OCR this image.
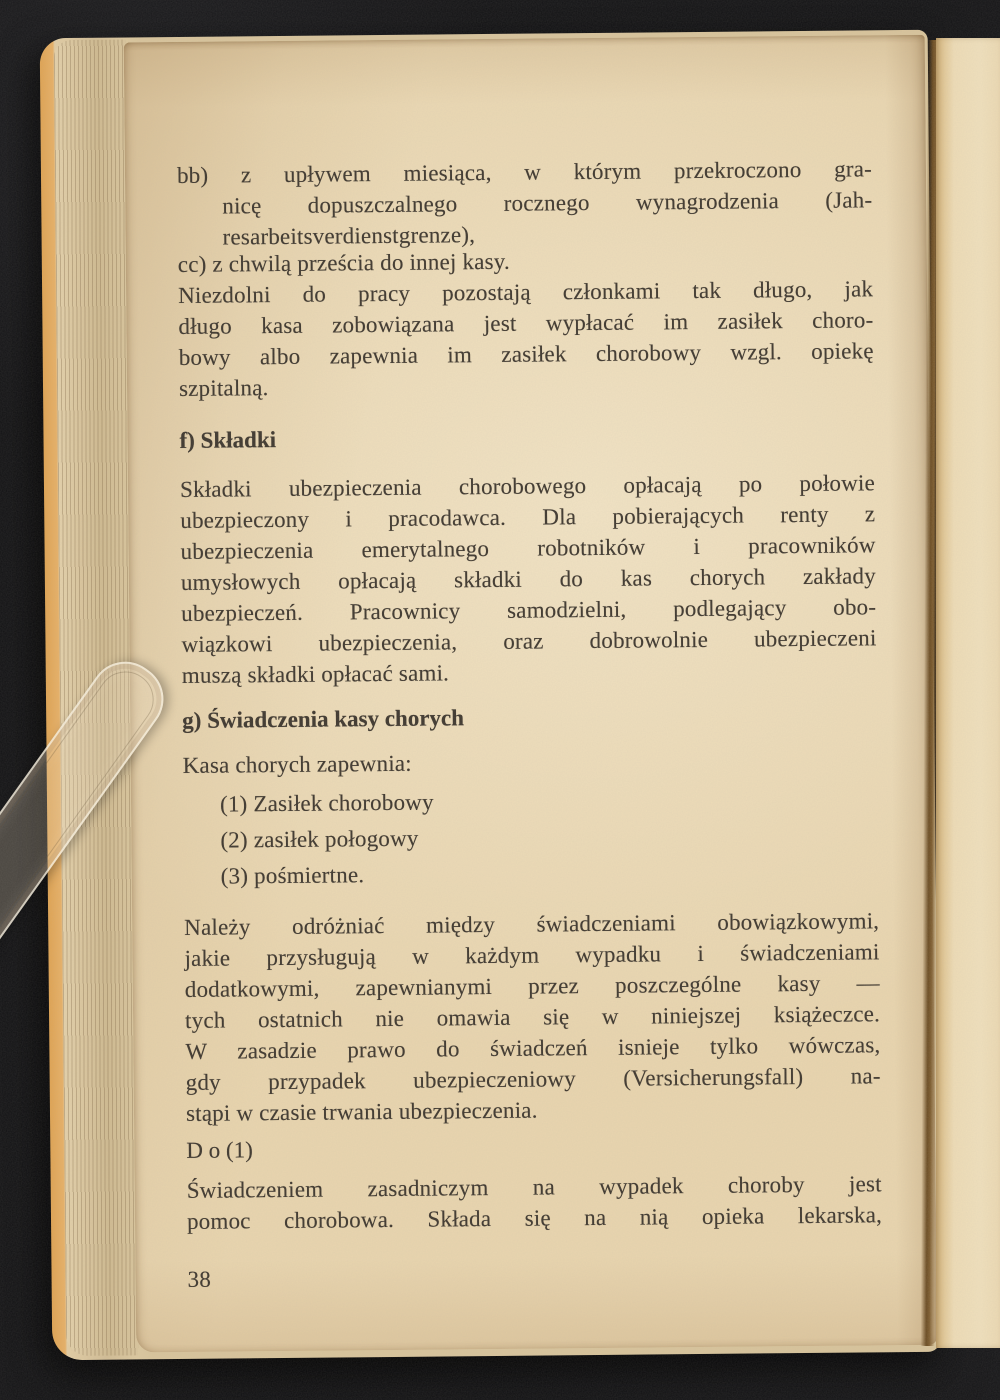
bb) z upływem miesiąca, w którym przekroczono gra-
nicę dopuszczalnego rocznego wynagrodzenia (Jah-
resarbeitsverdienstgrenze),
cc) z chwilą prześcia do innej kasy.
Niezdolni do pracy pozostają członkami tak długo, jak
długo kasa zobowiązana jest wypłacać im zasiłek choro-
bowy albo zapewnia im zasiłek chorobowy wzgl. opiekę
szpitalną.
f) Składki
Składki ubezpieczenia chorobowego opłacają po połowie
ubezpieczony i pracodawca. Dla pobierających renty z
ubezpieczenia emerytalnego robotników i pracowników
umysłowych opłacają składki do kas chorych zakłady
ubezpieczeń. Pracownicy samodzielni, podlegający obo-
wiązkowi ubezpieczenia, oraz dobrowolnie ubezpieczeni
muszą składki opłacać sami.
g) Świadczenia kasy chorych
Kasa chorych zapewnia:
(1) Zasiłek chorobowy
(2) zasiłek połogowy
(3) pośmiertne.
Należy odróżniać między świadczeniami obowiązkowymi,
jakie przysługują w każdym wypadku i świadczeniami
dodatkowymi, zapewnianymi przez poszczególne kasy —
tych ostatnich nie omawia się w niniejszej książeczce.
W zasadzie prawo do świadczeń isnieje tylko wówczas,
gdy przypadek ubezpieczeniowy (Versicherungsfall) na-
stąpi w czasie trwania ubezpieczenia.
D o (1)
Świadczeniem zasadniczym na wypadek choroby jest
pomoc chorobowa. Składa się na nią opieka lekarska,
38
